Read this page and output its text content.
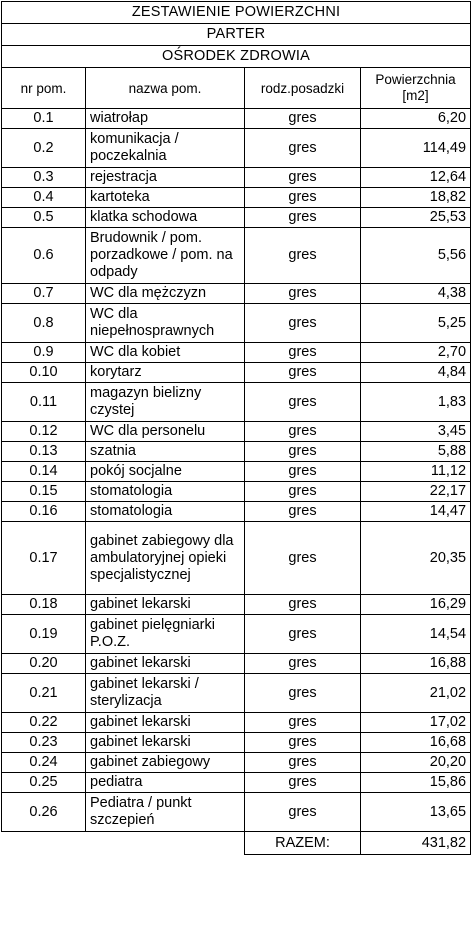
ZESTAWIENIE POWIERZCHNI			
PARTER			
OŚRODEK ZDROWIA			
nr pom.	nazwa pom.	rodz.posadzki	Powierzchnia
[m2]
0.1	wiatrołap	gres	6,20
0.2	komunikacja / poczekalnia	gres	114,49
0.3	rejestracja	gres	12,64
0.4	kartoteka	gres	18,82
0.5	klatka schodowa	gres	25,53
0.6	Brudownik / pom. porzadkowe / pom. na odpady	gres	5,56
0.7	WC dla mężczyzn	gres	4,38
0.8	WC dla niepełnosprawnych	gres	5,25
0.9	WC dla kobiet	gres	2,70
0.10	korytarz	gres	4,84
0.11	magazyn bielizny czystej	gres	1,83
0.12	WC dla personelu	gres	3,45
0.13	szatnia	gres	5,88
0.14	pokój socjalne	gres	11,12
0.15	stomatologia	gres	22,17
0.16	stomatologia	gres	14,47
0.17	gabinet zabiegowy dla ambulatoryjnej opieki specjalistycznej	gres	20,35
0.18	gabinet lekarski	gres	16,29
0.19	gabinet pielęgniarki P.O.Z.	gres	14,54
0.20	gabinet lekarski	gres	16,88
0.21	gabinet lekarski / sterylizacja	gres	21,02
0.22	gabinet lekarski	gres	17,02
0.23	gabinet lekarski	gres	16,68
0.24	gabinet zabiegowy	gres	20,20
0.25	pediatra	gres	15,86
0.26	Pediatra / punkt szczepień	gres	13,65
		RAZEM:	431,82
